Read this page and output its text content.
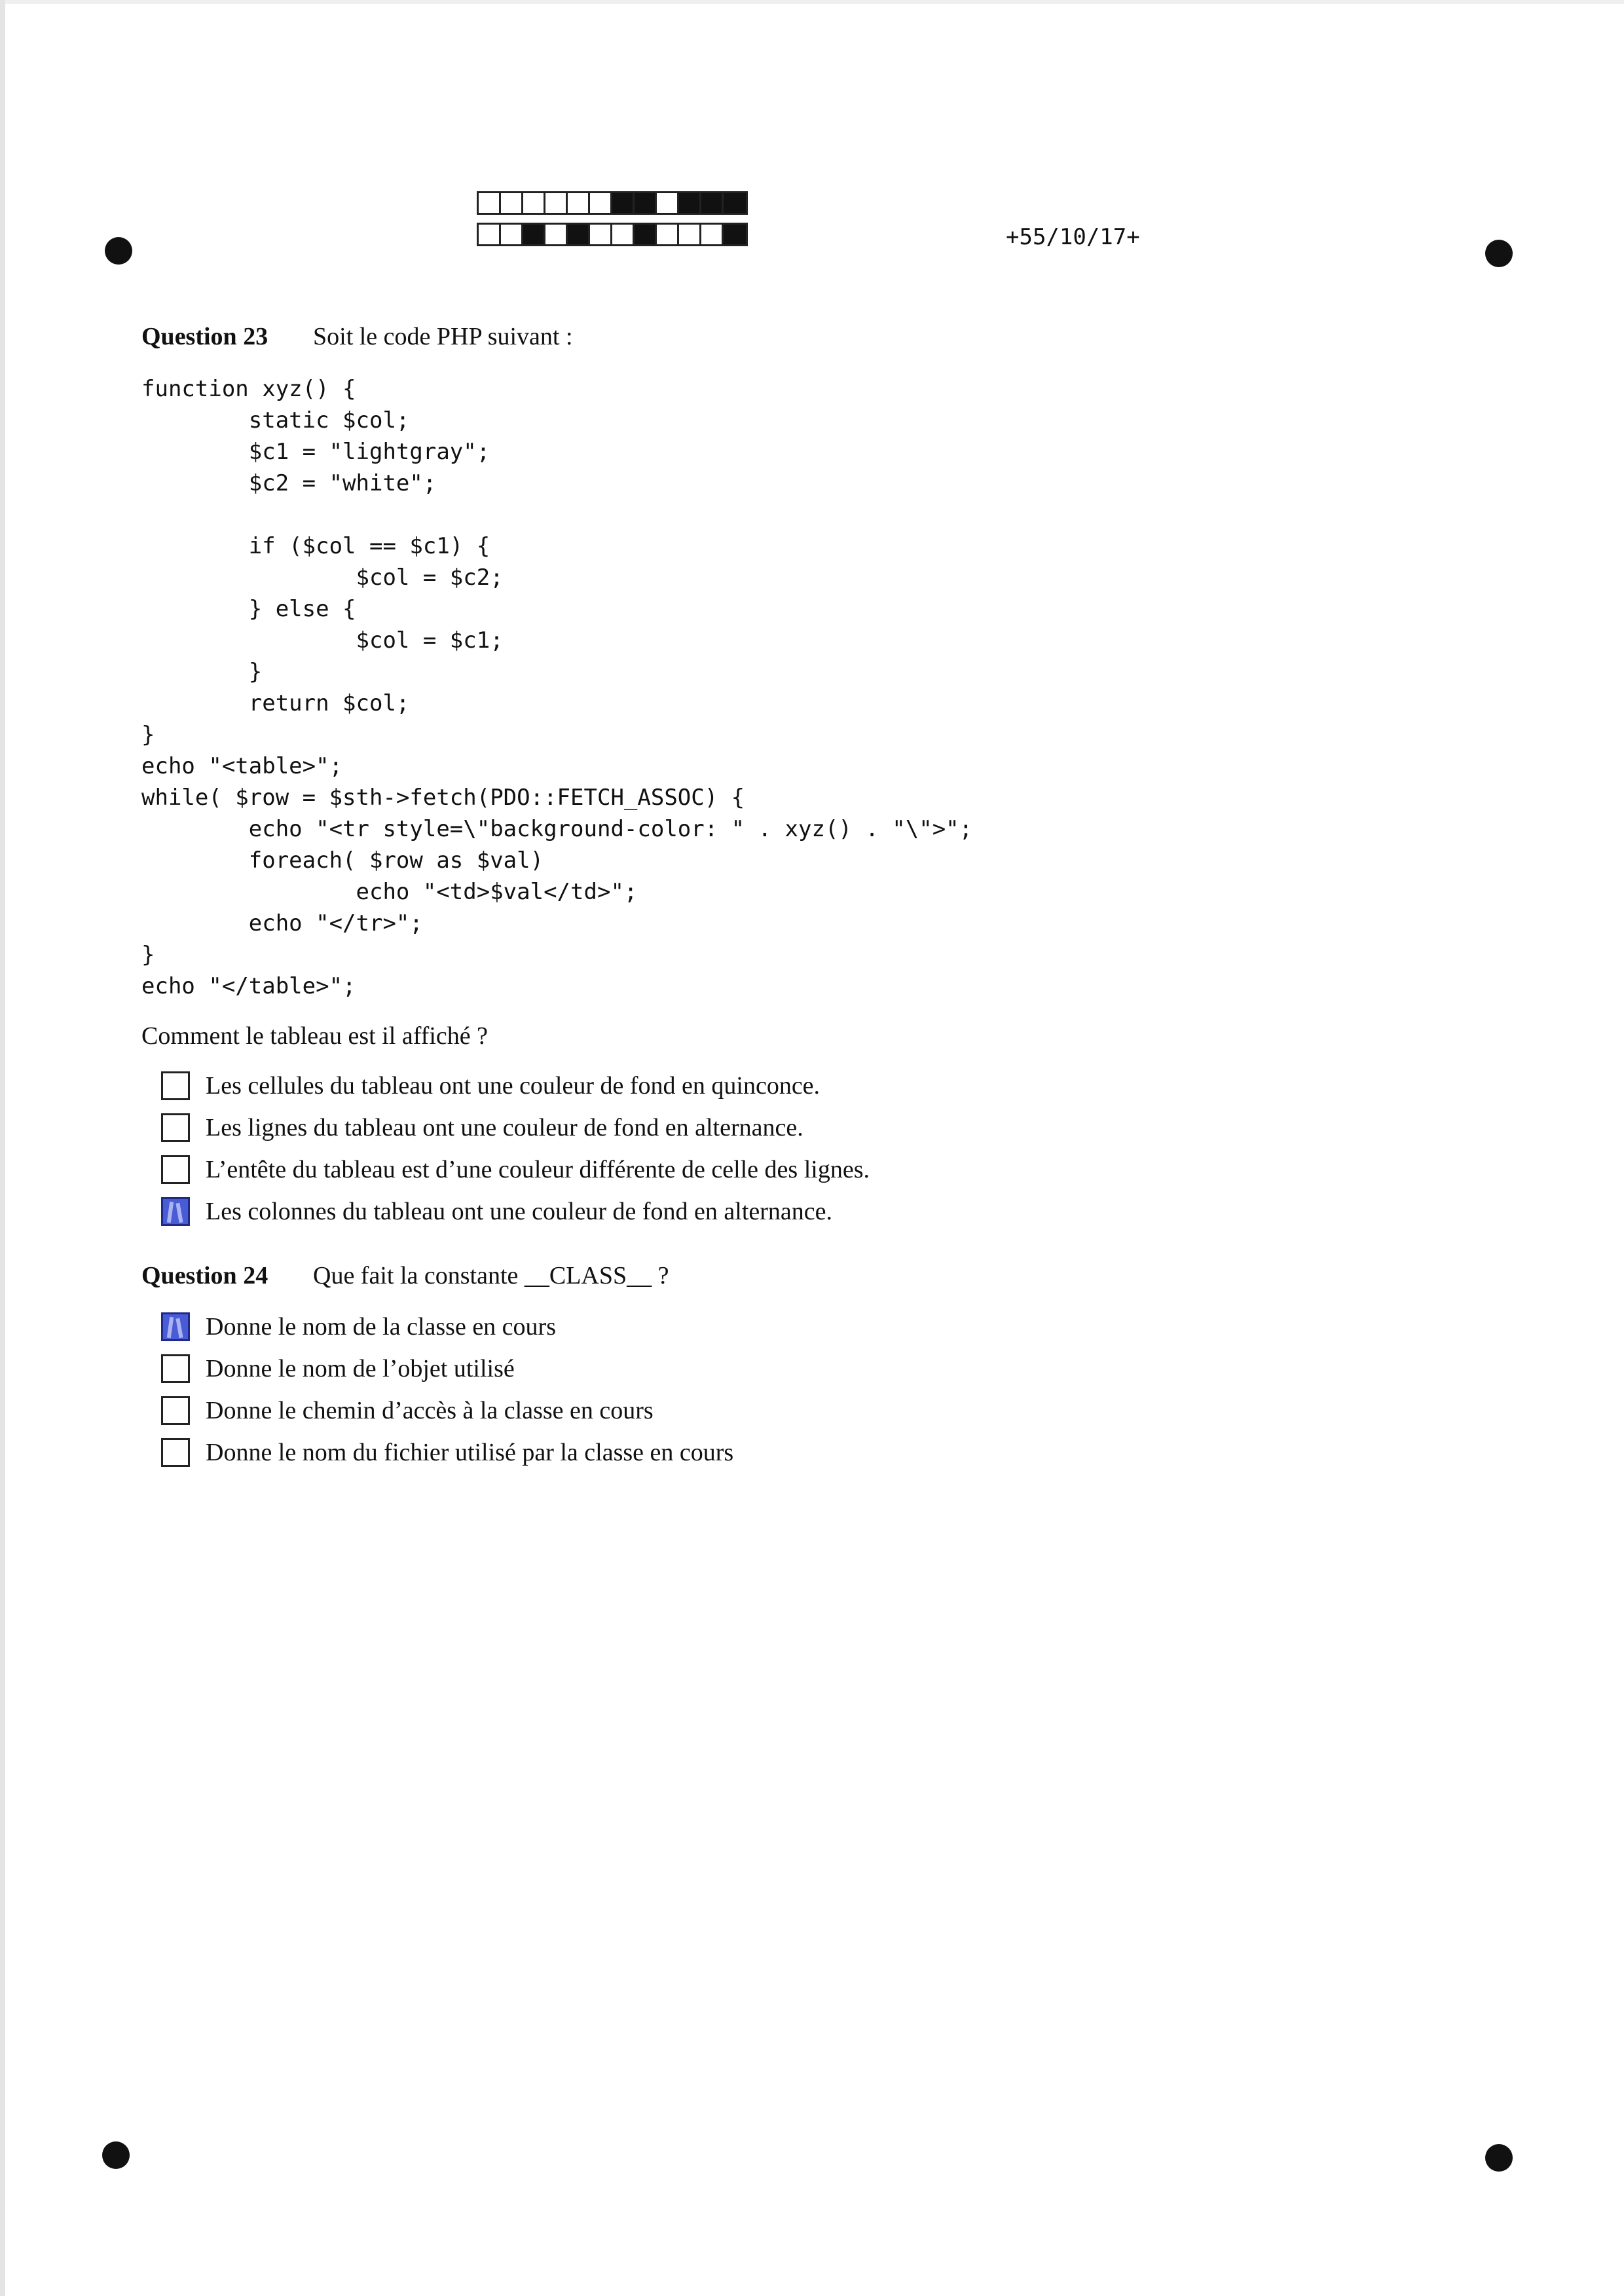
+55/10/17+
Question 23	Soit le code PHP suivant :
function xyz() {
static $col;
$c1 = "lightgray";
$c2 = "white";

if ($col == $c1) {
$col = $c2;
} else {
$col = $c1;
}
return $col;
}
echo "<table>";
while( $row = $sth->fetch(PDO::FETCH_ASSOC) {
echo "<tr style=\"background-color: " . xyz() . "\">";
foreach( $row as $val)
echo "<td>$val</td>";
echo "</tr>";
}
echo "</table>";
Comment le tableau est il affiché ?
Les cellules du tableau ont une couleur de fond en quinconce.
Les lignes du tableau ont une couleur de fond en alternance.
L’entête du tableau est d’une couleur différente de celle des lignes.
Les colonnes du tableau ont une couleur de fond en alternance.
Question 24	Que fait la constante __CLASS__ ?
Donne le nom de la classe en cours
Donne le nom de l’objet utilisé
Donne le chemin d’accès à la classe en cours
Donne le nom du fichier utilisé par la classe en cours
